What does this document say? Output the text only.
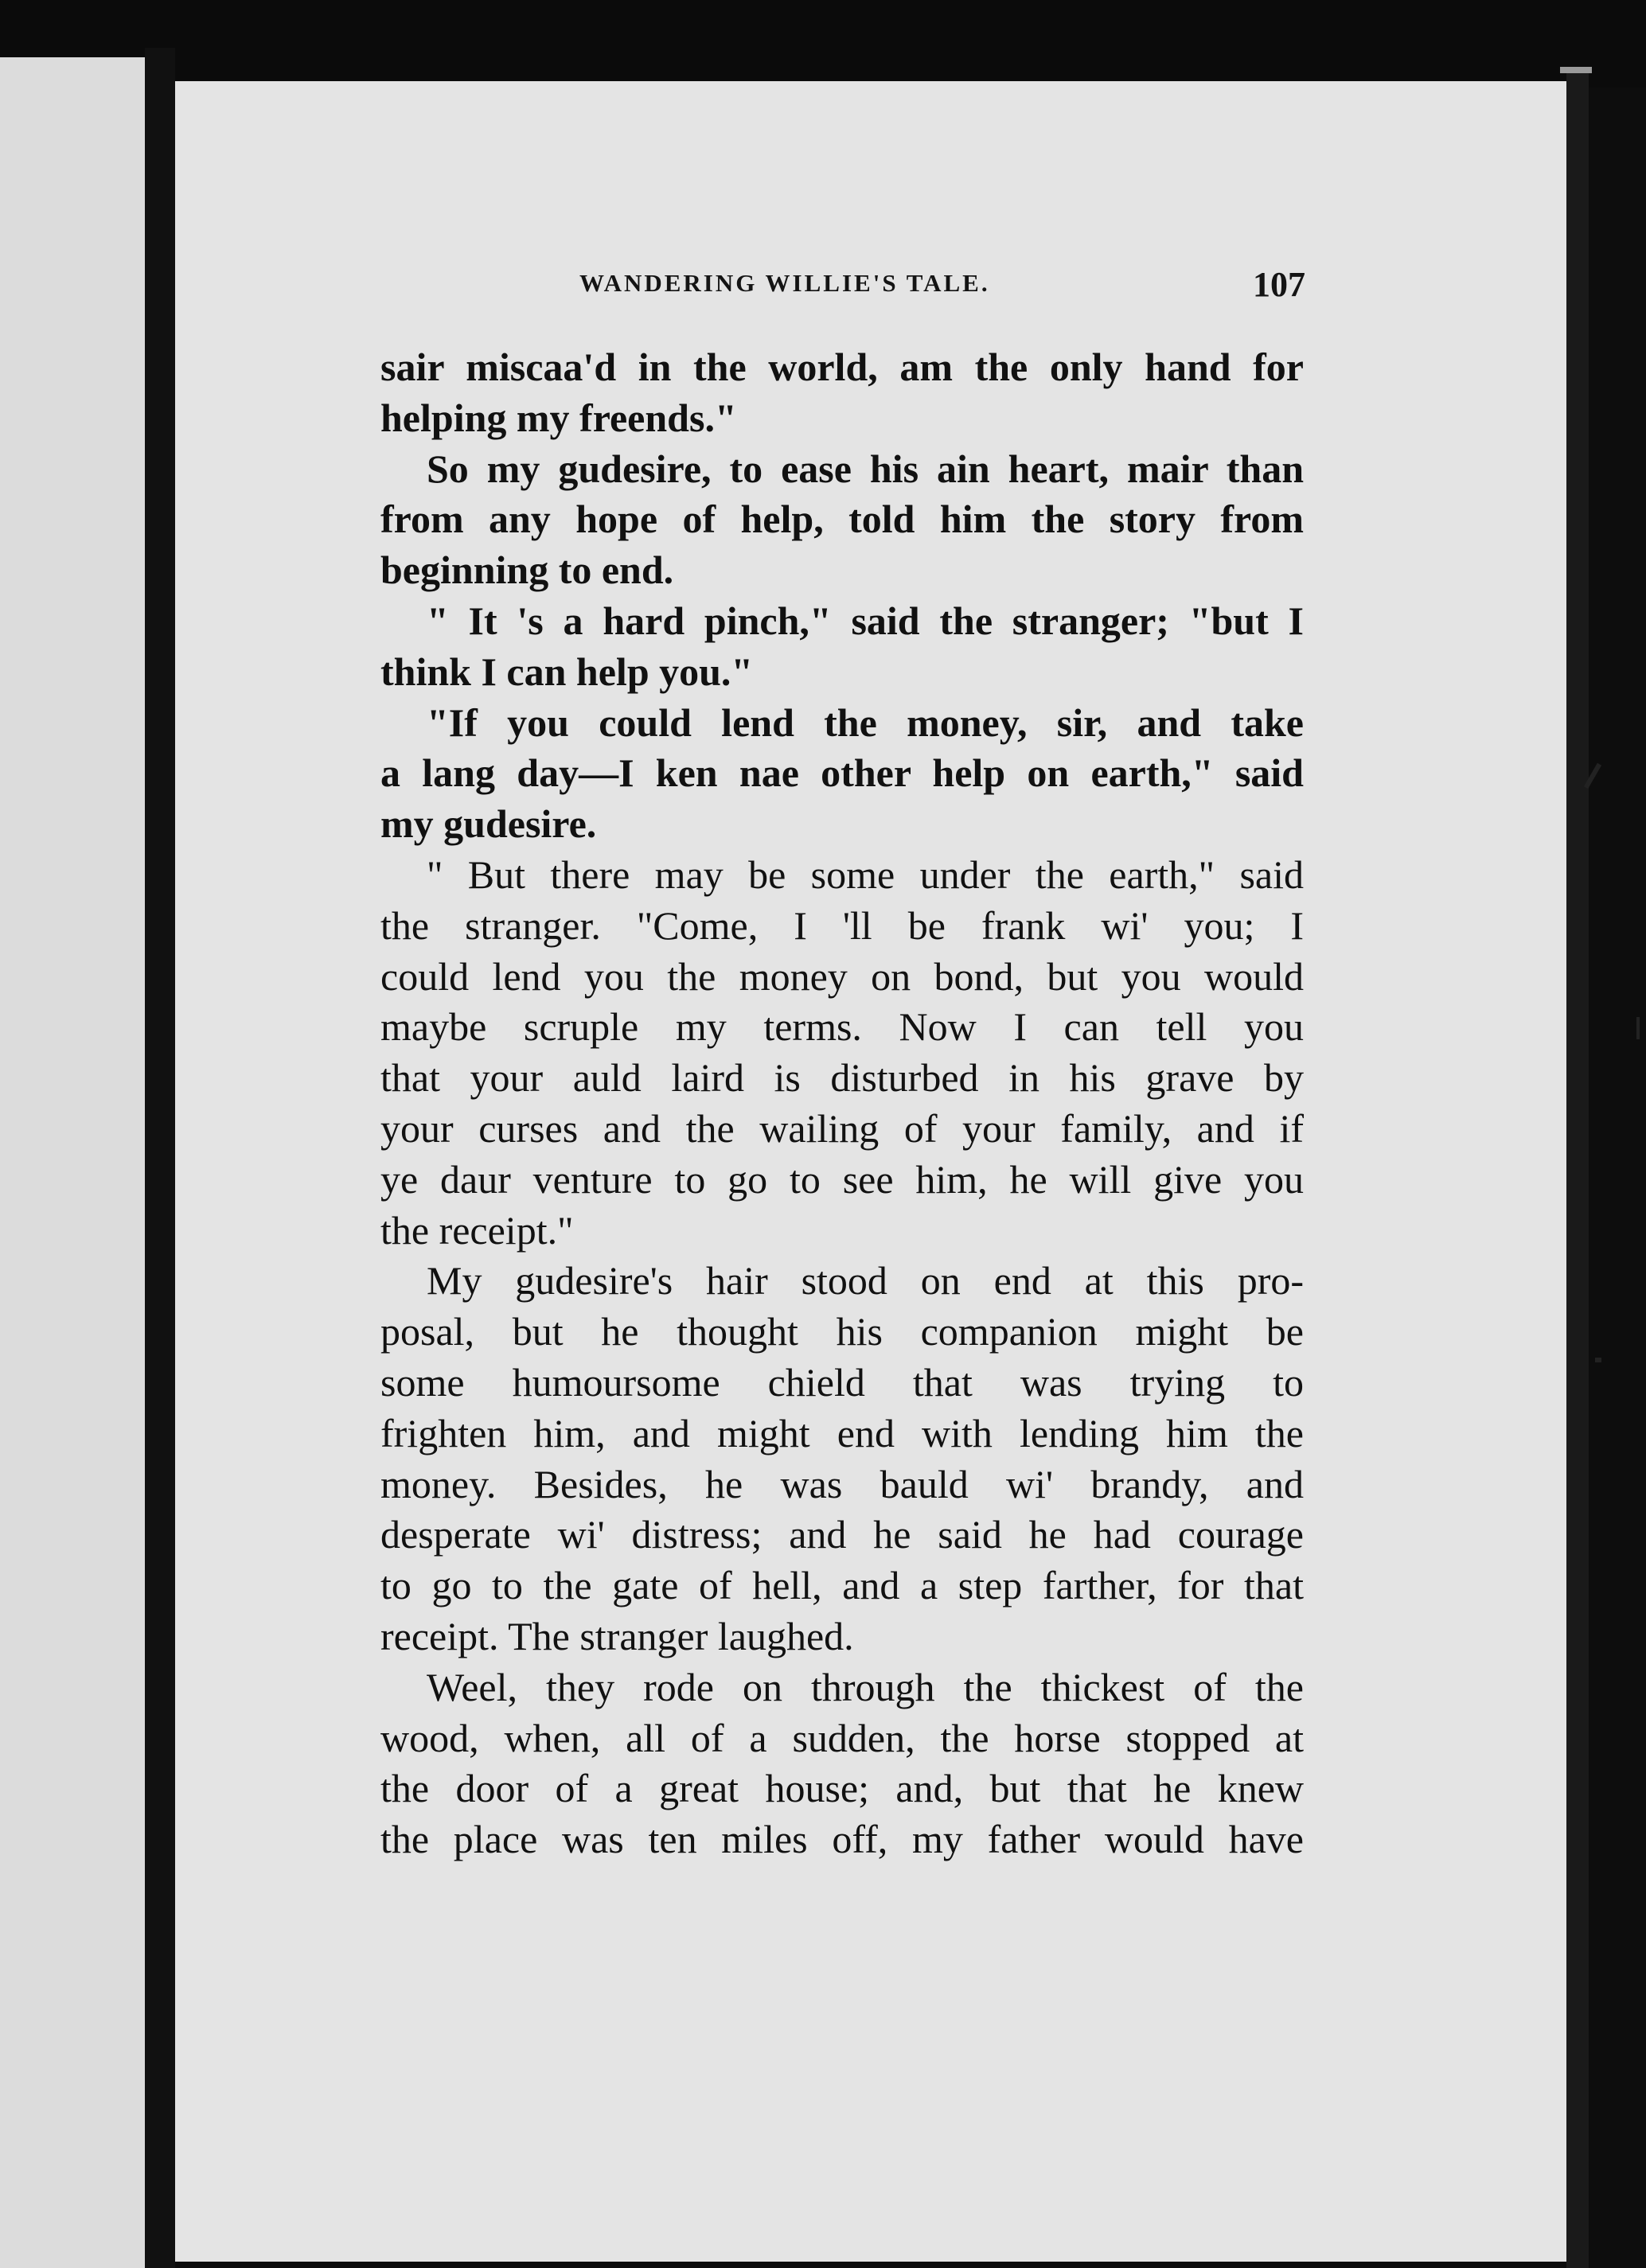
WANDERING WILLIE'S TALE.	107
sair miscaa'd in the world, am the only hand for
helping my freends."
So my gudesire, to ease his ain heart, mair than
from any hope of help, told him the story from
beginning to end.
" It 's a hard pinch," said the stranger; "but I
think I can help you."
"If you could lend the money, sir, and take
a lang day—I ken nae other help on earth," said
my gudesire.
" But there may be some under the earth," said
the stranger. "Come, I 'll be frank wi' you; I
could lend you the money on bond, but you would
maybe scruple my terms. Now I can tell you
that your auld laird is disturbed in his grave by
your curses and the wailing of your family, and if
ye daur venture to go to see him, he will give you
the receipt."
My gudesire's hair stood on end at this pro-
posal, but he thought his companion might be
some humoursome chield that was trying to
frighten him, and might end with lending him the
money. Besides, he was bauld wi' brandy, and
desperate wi' distress; and he said he had courage
to go to the gate of hell, and a step farther, for that
receipt. The stranger laughed.
Weel, they rode on through the thickest of the
wood, when, all of a sudden, the horse stopped at
the door of a great house; and, but that he knew
the place was ten miles off, my father would have
